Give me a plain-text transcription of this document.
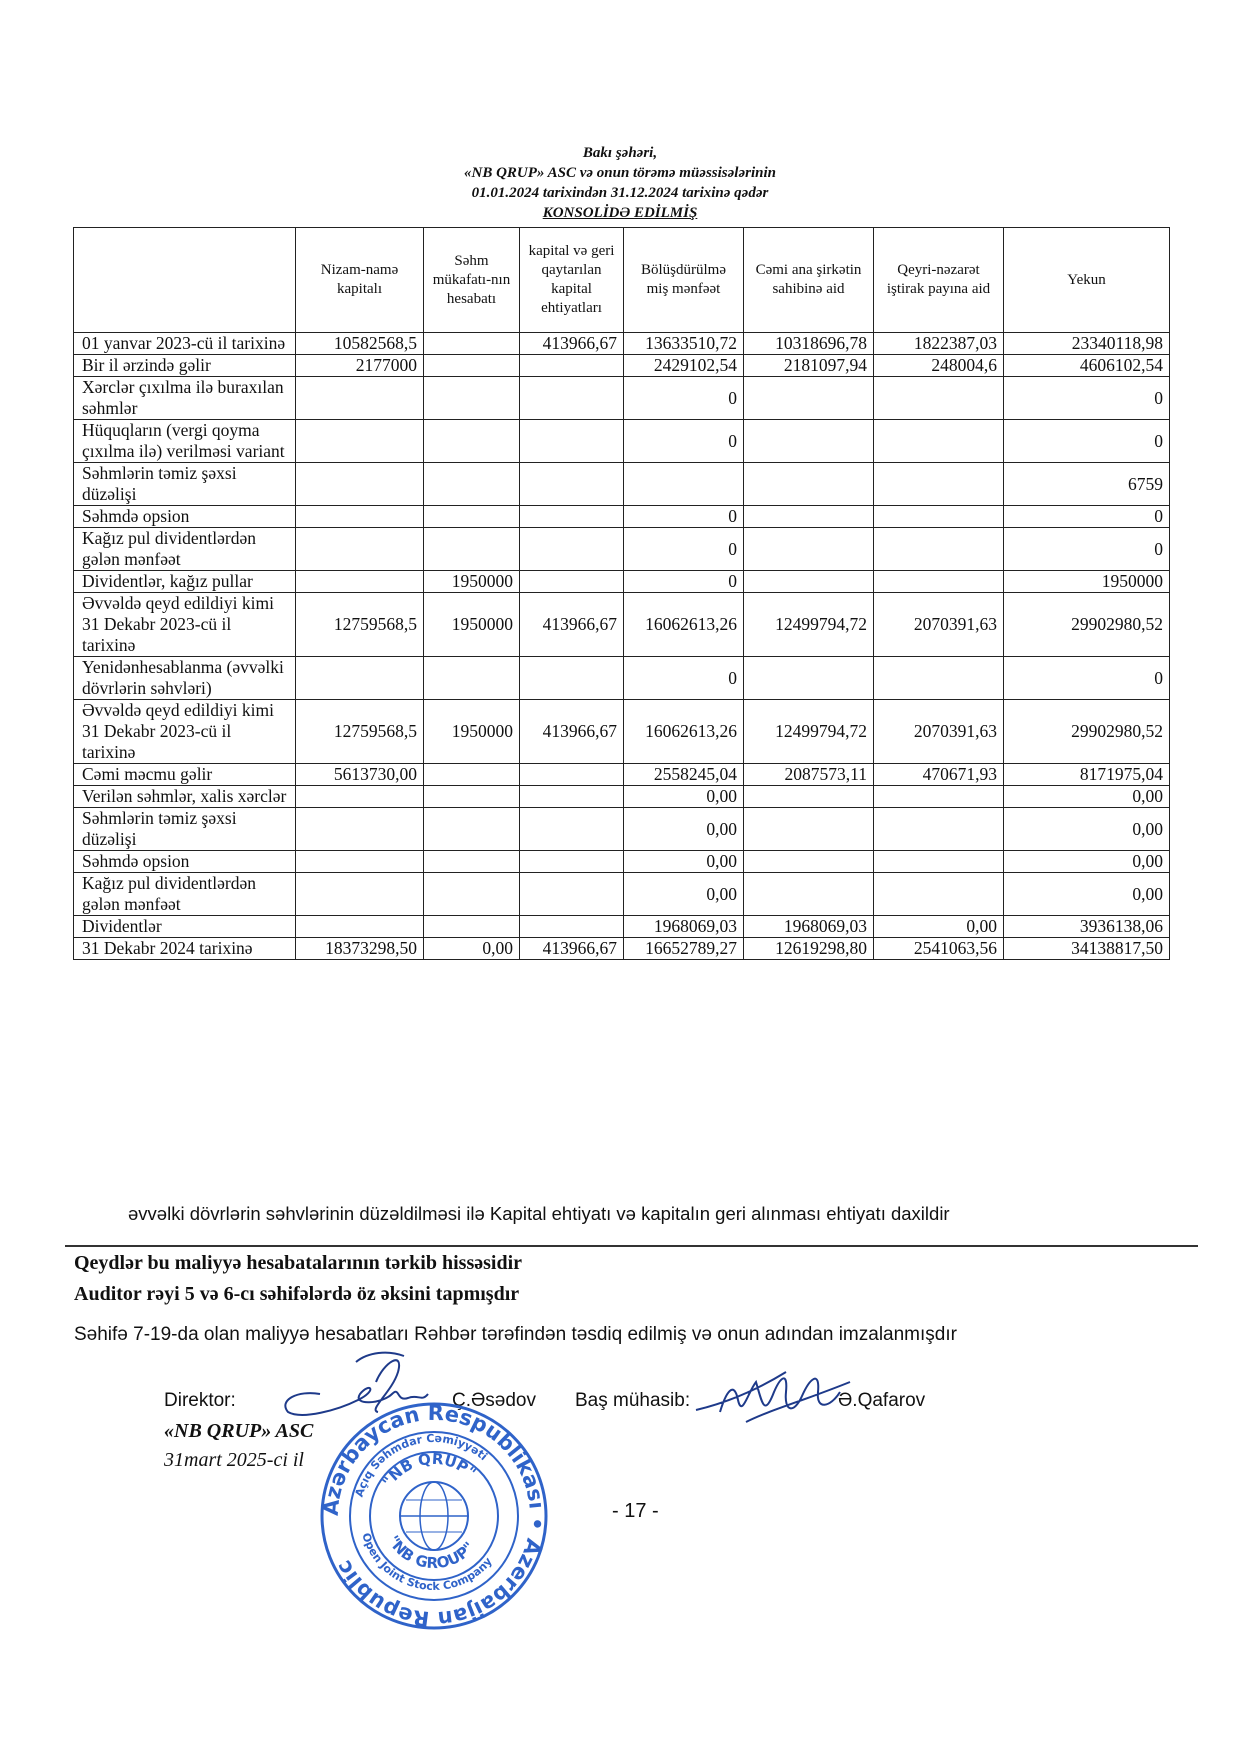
Bakı şəhəri,
«NB QRUP» ASC və onun törəmə müəssisələrinin
01.01.2024 tarixindən 31.12.2024 tarixinə qədər
KONSOLİDƏ EDİLMİŞ
	Nizam-namə kapitalı	Səhm mükafatı-nın hesabatı	kapital və geri qaytarılan kapital ehtiyatları	Bölüşdürülmə miş mənfəət	Cəmi ana şirkətin sahibinə aid	Qeyri-nəzarət iştirak payına aid	Yekun
01 yanvar 2023-cü il tarixinə	10582568,5		413966,67	13633510,72	10318696,78	1822387,03	23340118,98
Bir il ərzində gəlir	2177000			2429102,54	2181097,94	248004,6	4606102,54
Xərclər çıxılma ilə buraxılan səhmlər				0			0
Hüquqların (vergi qoyma çıxılma ilə) verilməsi variant				0			0
Səhmlərin təmiz şəxsi düzəlişi							6759
Səhmdə opsion				0			0
Kağız pul dividentlərdən gələn mənfəət				0			0
Dividentlər, kağız pullar		1950000		0			1950000
Əvvəldə qeyd edildiyi kimi 31 Dekabr 2023-cü il tarixinə	12759568,5	1950000	413966,67	16062613,26	12499794,72	2070391,63	29902980,52
Yenidənhesablanma (əvvəlki dövrlərin səhvləri)				0			0
Əvvəldə qeyd edildiyi kimi 31 Dekabr 2023-cü il tarixinə	12759568,5	1950000	413966,67	16062613,26	12499794,72	2070391,63	29902980,52
Cəmi məcmu gəlir	5613730,00			2558245,04	2087573,11	470671,93	8171975,04
Verilən səhmlər, xalis xərclər				0,00			0,00
Səhmlərin təmiz şəxsi düzəlişi				0,00			0,00
Səhmdə opsion				0,00			0,00
Kağız pul dividentlərdən gələn mənfəət				0,00			0,00
Dividentlər				1968069,03	1968069,03	0,00	3936138,06
31 Dekabr 2024 tarixinə	18373298,50	0,00	413966,67	16652789,27	12619298,80	2541063,56	34138817,50
əvvəlki dövrlərin səhvlərinin düzəldilməsi ilə Kapital ehtiyatı və kapitalın geri alınması ehtiyatı daxildir
Qeydlər bu maliyyə hesabatalarının tərkib hissəsidir
Auditor rəyi 5 və 6-cı səhifələrdə öz əksini tapmışdır
Səhifə 7-19-da olan maliyyə hesabatları Rəhbər tərəfindən təsdiq edilmiş və onun adından imzalanmışdır
Direktor:	Ç.Əsədov Baş mühasib:	Ə.Qafarov
«NB QRUP» ASC
31mart 2025-ci il
- 17 -
Azərbaycan Respublikası • Azerbaijan Republic
Açıq Səhmdar Cəmiyyəti
Open Joint Stock Company
"NB QRUP"
"NB GROUP"
